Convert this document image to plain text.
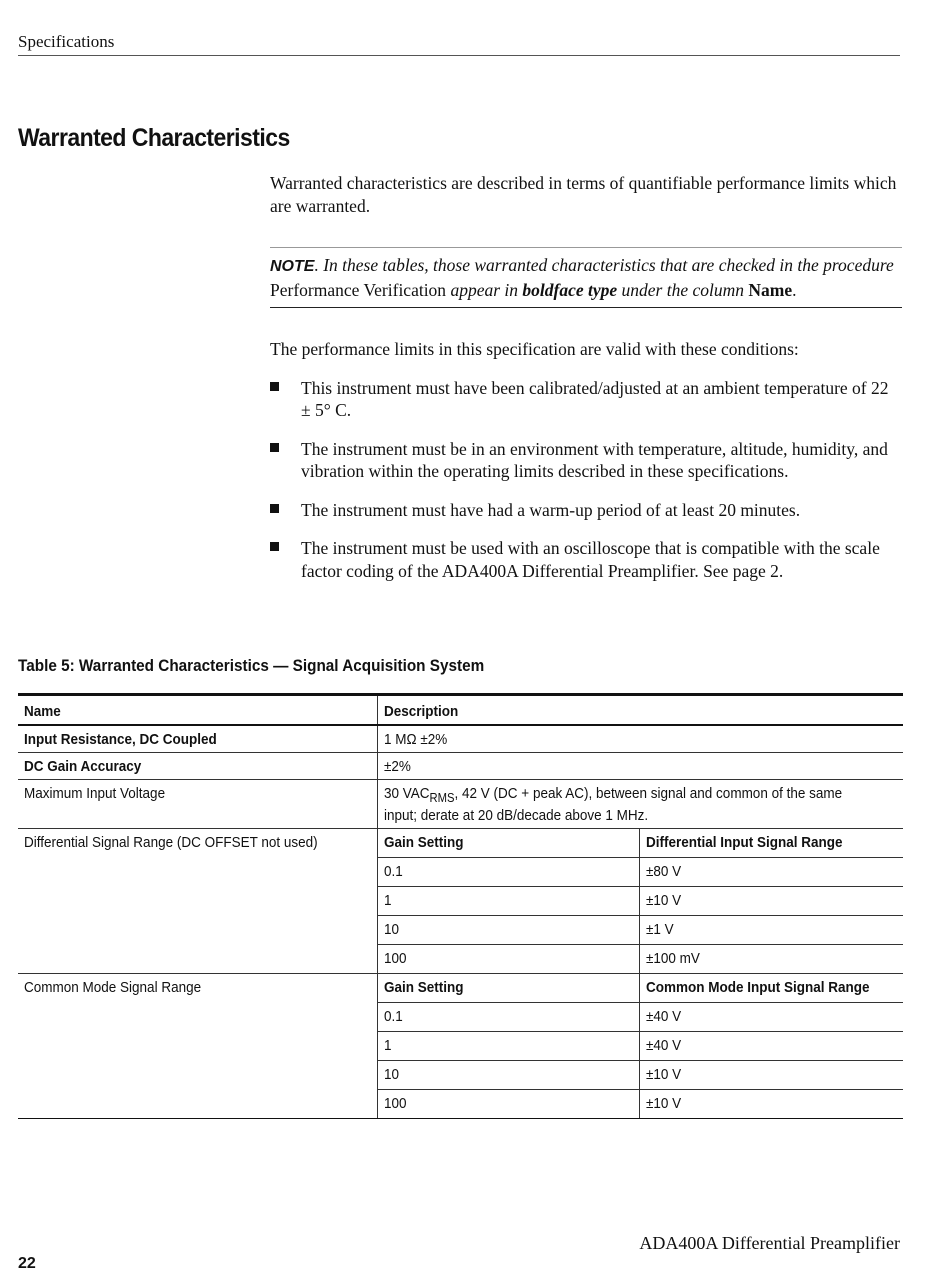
Specifications
Warranted Characteristics

Warranted characteristics are described in terms of quantifiable performance limits which are warranted.

NOTE. In these tables, those warranted characteristics that are checked in the procedure Performance Verification appear in boldface type under the column Name.

The performance limits in this specification are valid with these conditions:

This instrument must have been calibrated/adjusted at an ambient temperature of 22 ± 5° C.
The instrument must be in an environment with temperature, altitude, humidity, and vibration within the operating limits described in these specifications.
The instrument must have had a warm-up period of at least 20 minutes.
The instrument must be used with an oscilloscope that is compatible with the scale factor coding of the ADA400A Differential Preamplifier. See page 2.
Table 5: Warranted Characteristics — Signal Acquisition System
Name	Description	
Input Resistance, DC Coupled	1 MΩ ±2%	
DC Gain Accuracy	±2%	
Maximum Input Voltage	30 $VAC_{RMS}$, 42 V (DC + peak AC), between signal and common of the same
input; derate at 20 dB/decade above 1 MHz.	

Differential Signal Range (DC OFFSET not used)	Gain Setting	Differential Input Signal Range
	0.1	±80 V
	1	±10 V
	10	±1 V
	100	±100 mV
Common Mode Signal Range	Gain Setting	Common Mode Input Signal Range
	0.1	±40 V
	1	±40 V
	10	±10 V
	100	±10 V
ADA400A Differential Preamplifier
22
